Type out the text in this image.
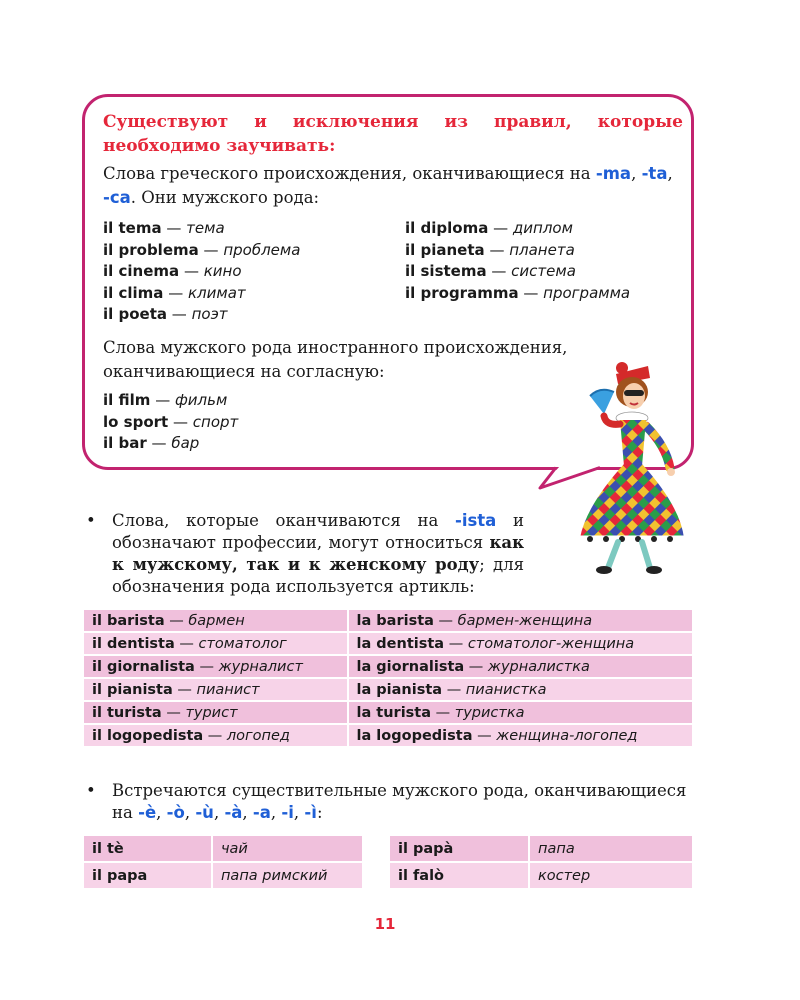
Существуют и исключения из правил, которые необходимо заучивать:
Слова греческого происхождения, оканчивающиеся на -ma, -ta, -ca. Они мужского рода:
il tema — тема
il problema — проблема
il cinema — кино
il clima — климат
il poeta — поэт
il diploma — диплом
il pianeta — планета
il sistema — система
il programma — программа
Слова мужского рода иностранного происхождения, оканчивающиеся на согласную:
il film — фильм
lo sport — спорт
il bar — бар
• Слова, которые оканчиваются на -ista и обозначают профессии, могут относиться как к мужскому, так и к женскому роду; для обозначения рода используется артикль:
il barista — бармен	la barista — бармен-женщина
il dentista — стоматолог	la dentista — стоматолог-женщина
il giornalista — журналист	la giornalista — журналистка
il pianista — пианист	la pianista — пианистка
il turista — турист	la turista — туристка
il logopedista — логопед	la logopedista — женщина-логопед
• Встречаются существительные мужского рода, оканчивающиеся на -è, -ò, -ù, -à, -a, -i, -ì:
il tè	чай
il papa	папа римский
il papà	папа
il falò	костер
11
